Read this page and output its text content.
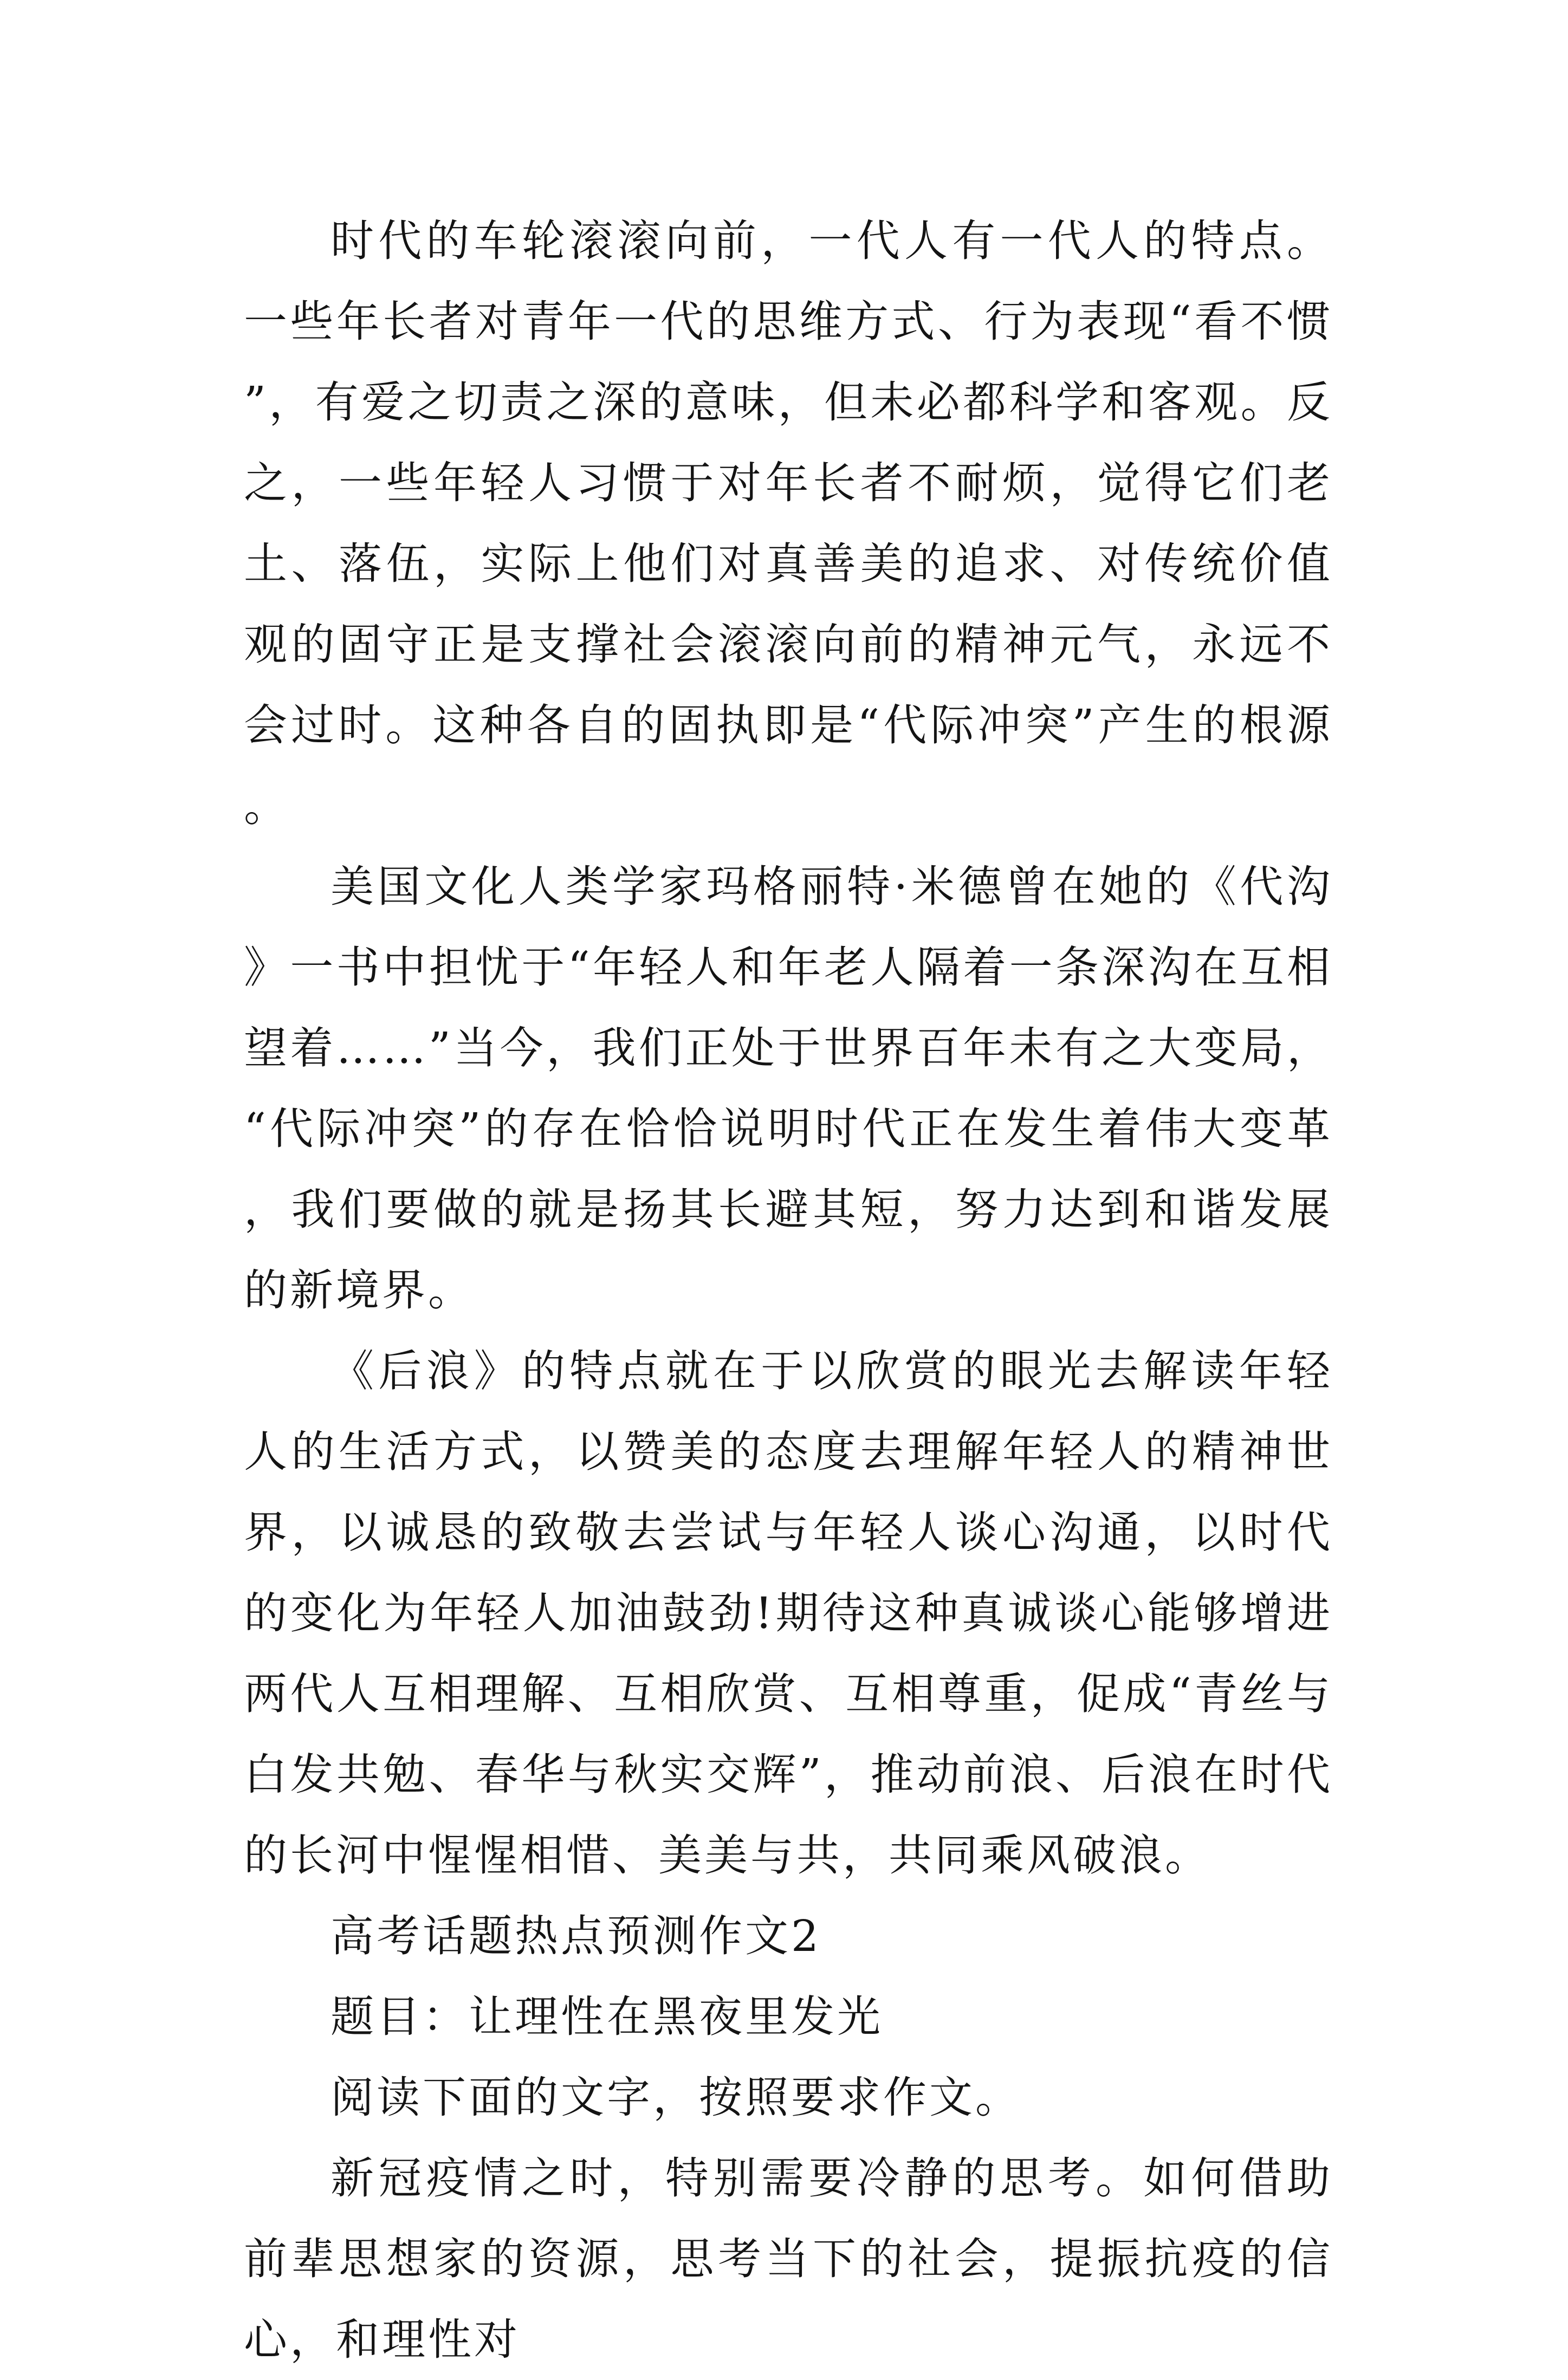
时代的车轮滚滚向前，一代人有一代人的特点。一些年长者对青年一代的思维方式、行为表现“看不惯”，有爱之切责之深的意味，但未必都科学和客观。反之，一些年轻人习惯于对年长者不耐烦，觉得它们老土、落伍，实际上他们对真善美的追求、对传统价值观的固守正是支撑社会滚滚向前的精神元气，永远不会过时。这种各自的固执即是“代际冲突”产生的根源。

美国文化人类学家玛格丽特·米德曾在她的《代沟》一书中担忧于“年轻人和年老人隔着一条深沟在互相望着……”当今，我们正处于世界百年未有之大变局，“代际冲突”的存在恰恰说明时代正在发生着伟大变革，我们要做的就是扬其长避其短，努力达到和谐发展的新境界。

《后浪》的特点就在于以欣赏的眼光去解读年轻人的生活方式，以赞美的态度去理解年轻人的精神世界，以诚恳的致敬去尝试与年轻人谈心沟通，以时代的变化为年轻人加油鼓劲!期待这种真诚谈心能够增进两代人互相理解、互相欣赏、互相尊重，促成“青丝与白发共勉、春华与秋实交辉”，推动前浪、后浪在时代的长河中惺惺相惜、美美与共，共同乘风破浪。

高考话题热点预测作文2

题目：让理性在黑夜里发光

阅读下面的文字，按照要求作文。

新冠疫情之时，特别需要冷静的思考。如何借助前辈思想家的资源，思考当下的社会，提振抗疫的信心，和理性对
